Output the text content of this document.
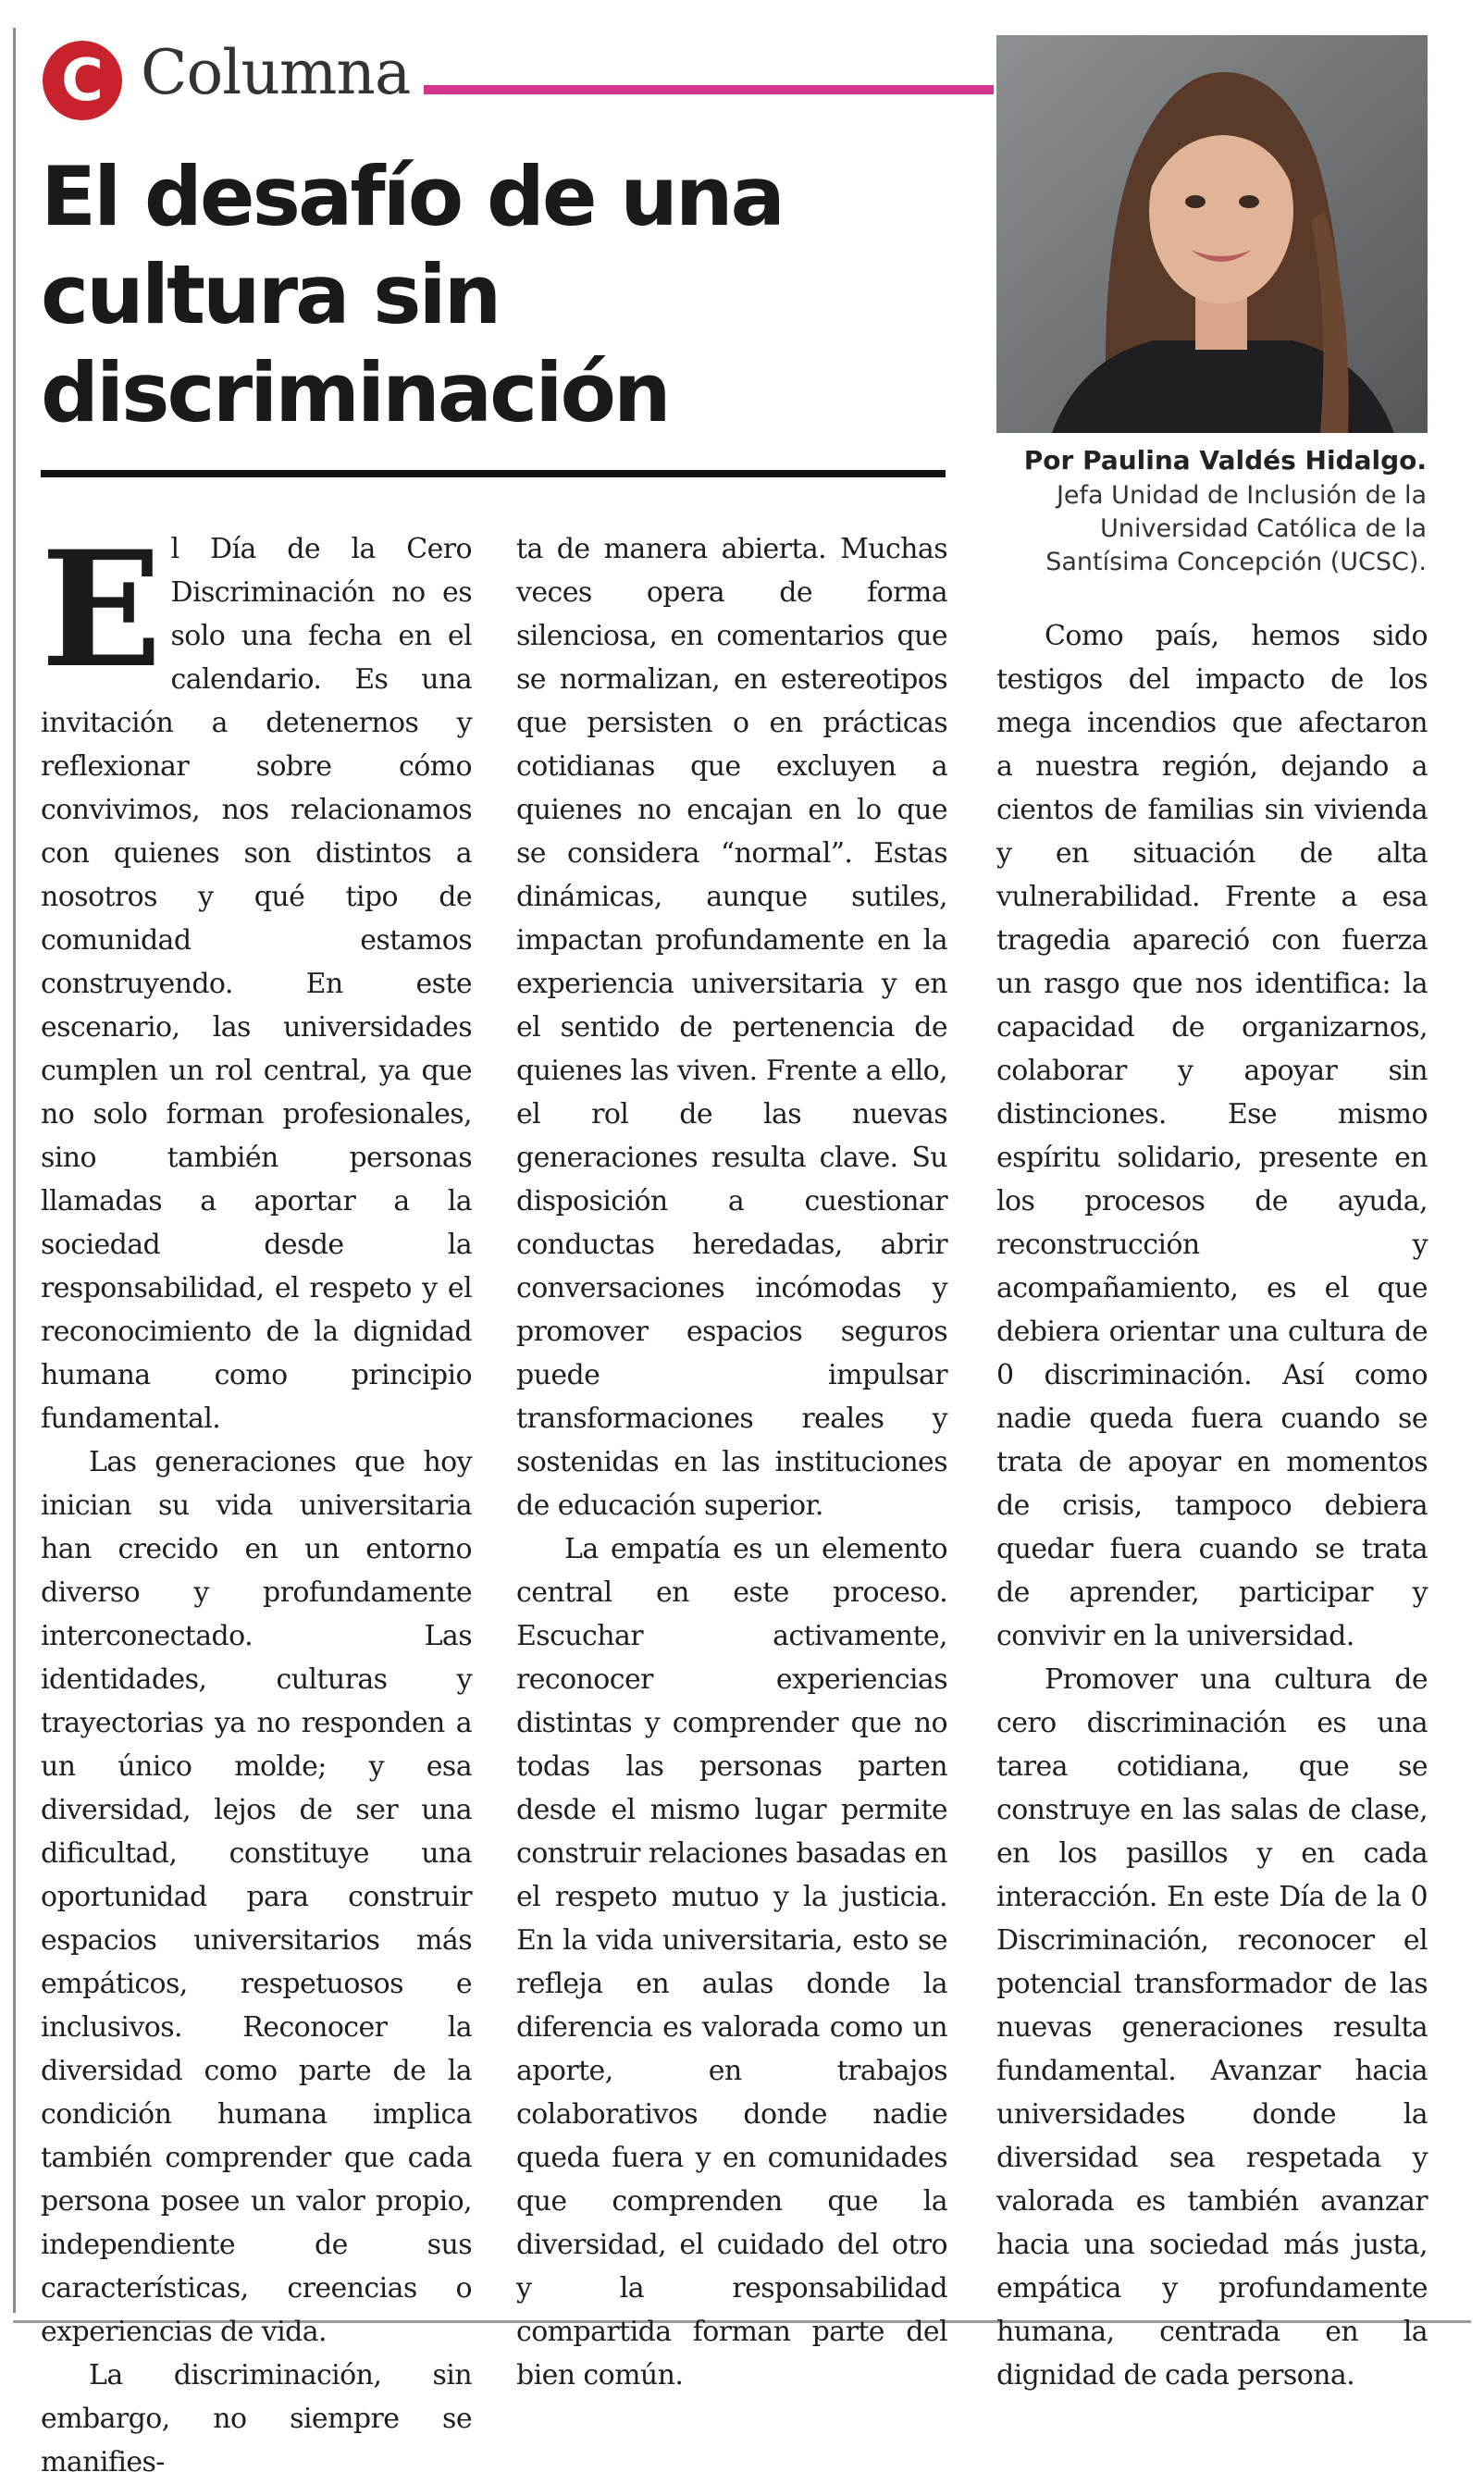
C Columna
El desafío de una
cultura sin
discriminación
Por Paulina Valdés Hidalgo.
Jefa Unidad de Inclusión de la
Universidad Católica de la
Santísima Concepción (UCSC).

El Día de la Cero Discriminación no es solo una fecha en el calendario. Es una invitación a detenernos y reflexionar sobre cómo convivimos, nos relacionamos con quienes son distintos a nosotros y qué tipo de comunidad estamos construyendo. En este escenario, las universidades cumplen un rol central, ya que no solo forman profesionales, sino también personas llamadas a aportar a la sociedad desde la responsabilidad, el respeto y el reconocimiento de la dignidad humana como principio fundamental.

Las generaciones que hoy inician su vida universitaria han crecido en un entorno diverso y profundamente interconectado. Las identidades, culturas y trayectorias ya no responden a un único molde; y esa diversidad, lejos de ser una dificultad, constituye una oportunidad para construir espacios universitarios más empáticos, respetuosos e inclusivos. Reconocer la diversidad como parte de la condición humana implica también comprender que cada persona posee un valor propio, independiente de sus características, creencias o experiencias de vida.

La discriminación, sin embargo, no siempre se manifies-

ta de manera abierta. Muchas veces opera de forma silenciosa, en comentarios que se normalizan, en estereotipos que persisten o en prácticas cotidianas que excluyen a quienes no encajan en lo que se considera “normal”. Estas dinámicas, aunque sutiles, impactan profundamente en la experiencia universitaria y en el sentido de pertenencia de quienes las viven. Frente a ello, el rol de las nuevas generaciones resulta clave. Su disposición a cuestionar conductas heredadas, abrir conversaciones incómodas y promover espacios seguros puede impulsar transformaciones reales y sostenidas en las instituciones de educación superior.

La empatía es un elemento central en este proceso. Escuchar activamente, reconocer experiencias distintas y comprender que no todas las personas parten desde el mismo lugar permite construir relaciones basadas en el respeto mutuo y la justicia. En la vida universitaria, esto se refleja en aulas donde la diferencia es valorada como un aporte, en trabajos colaborativos donde nadie queda fuera y en comunidades que comprenden que la diversidad, el cuidado del otro y la responsabilidad compartida forman parte del bien común.

Como país, hemos sido testigos del impacto de los mega incendios que afectaron a nuestra región, dejando a cientos de familias sin vivienda y en situación de alta vulnerabilidad. Frente a esa tragedia apareció con fuerza un rasgo que nos identifica: la capacidad de organizarnos, colaborar y apoyar sin distinciones. Ese mismo espíritu solidario, presente en los procesos de ayuda, reconstrucción y acompañamiento, es el que debiera orientar una cultura de 0 discriminación. Así como nadie queda fuera cuando se trata de apoyar en momentos de crisis, tampoco debiera quedar fuera cuando se trata de aprender, participar y convivir en la universidad.

Promover una cultura de cero discriminación es una tarea cotidiana, que se construye en las salas de clase, en los pasillos y en cada interacción. En este Día de la 0 Discriminación, reconocer el potencial transformador de las nuevas generaciones resulta fundamental. Avanzar hacia universidades donde la diversidad sea respetada y valorada es también avanzar hacia una sociedad más justa, empática y profundamente humana, centrada en la dignidad de cada persona.
